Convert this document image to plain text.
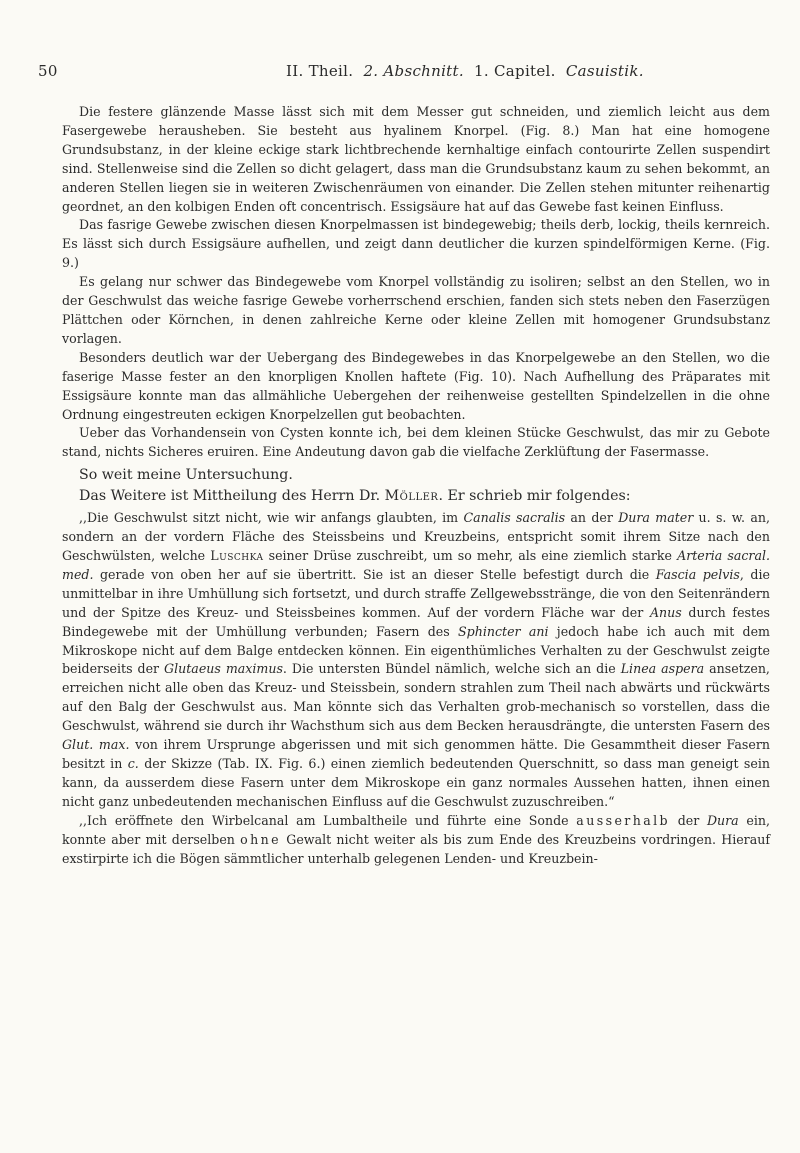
50	II. Theil. 2. Abschnitt. 1. Capitel. Casuistik.

Die festere glänzende Masse lässt sich mit dem Messer gut schneiden, und ziemlich leicht aus dem Fasergewebe herausheben. Sie besteht aus hyalinem Knorpel. (Fig. 8.) Man hat eine homogene Grundsubstanz, in der kleine eckige stark lichtbrechende kernhaltige einfach contourirte Zellen suspendirt sind. Stellenweise sind die Zellen so dicht gelagert, dass man die Grundsubstanz kaum zu sehen bekommt, an anderen Stellen liegen sie in weiteren Zwischenräumen von einander. Die Zellen stehen mitunter reihenartig geordnet, an den kolbigen Enden oft concentrisch. Essigsäure hat auf das Gewebe fast keinen Einfluss.

Das fasrige Gewebe zwischen diesen Knorpelmassen ist bindegewebig; theils derb, lockig, theils kernreich. Es lässt sich durch Essigsäure aufhellen, und zeigt dann deutlicher die kurzen spindelförmigen Kerne. (Fig. 9.)

Es gelang nur schwer das Bindegewebe vom Knorpel vollständig zu isoliren; selbst an den Stellen, wo in der Geschwulst das weiche fasrige Gewebe vorherrschend erschien, fanden sich stets neben den Faserzügen Plättchen oder Körnchen, in denen zahlreiche Kerne oder kleine Zellen mit homogener Grundsubstanz vorlagen.

Besonders deutlich war der Uebergang des Bindegewebes in das Knorpelgewebe an den Stellen, wo die faserige Masse fester an den knorpligen Knollen haftete (Fig. 10). Nach Aufhellung des Präparates mit Essigsäure konnte man das allmähliche Uebergehen der reihenweise gestellten Spindelzellen in die ohne Ordnung eingestreuten eckigen Knorpelzellen gut beobachten.

Ueber das Vorhandensein von Cysten konnte ich, bei dem kleinen Stücke Geschwulst, das mir zu Gebote stand, nichts Sicheres eruiren. Eine Andeutung davon gab die vielfache Zerklüftung der Fasermasse.

So weit meine Untersuchung.

Das Weitere ist Mittheilung des Herrn Dr. Möller. Er schrieb mir folgendes:

,,Die Geschwulst sitzt nicht, wie wir anfangs glaubten, im Canalis sacralis an der Dura mater u. s. w. an, sondern an der vordern Fläche des Steissbeins und Kreuzbeins, entspricht somit ihrem Sitze nach den Geschwülsten, welche Luschka seiner Drüse zuschreibt, um so mehr, als eine ziemlich starke Arteria sacral. med. gerade von oben her auf sie übertritt. Sie ist an dieser Stelle befestigt durch die Fascia pelvis, die unmittelbar in ihre Umhüllung sich fortsetzt, und durch straffe Zellgewebsstränge, die von den Seitenrändern und der Spitze des Kreuz- und Steissbeines kommen. Auf der vordern Fläche war der Anus durch festes Bindegewebe mit der Umhüllung verbunden; Fasern des Sphincter ani jedoch habe ich auch mit dem Mikroskope nicht auf dem Balge entdecken können. Ein eigenthümliches Verhalten zu der Geschwulst zeigte beiderseits der Glutaeus maximus. Die untersten Bündel nämlich, welche sich an die Linea aspera ansetzen, erreichen nicht alle oben das Kreuz- und Steissbein, sondern strahlen zum Theil nach abwärts und rückwärts auf den Balg der Geschwulst aus. Man könnte sich das Verhalten grob-mechanisch so vorstellen, dass die Geschwulst, während sie durch ihr Wachsthum sich aus dem Becken herausdrängte, die untersten Fasern des Glut. max. von ihrem Ursprunge abgerissen und mit sich genommen hätte. Die Gesammtheit dieser Fasern besitzt in c. der Skizze (Tab. IX. Fig. 6.) einen ziemlich bedeutenden Querschnitt, so dass man geneigt sein kann, da ausserdem diese Fasern unter dem Mikroskope ein ganz normales Aussehen hatten, ihnen einen nicht ganz unbedeutenden mechanischen Einfluss auf die Geschwulst zuzuschreiben.“

,,Ich eröffnete den Wirbelcanal am Lumbaltheile und führte eine Sonde ausserhalb der Dura ein, konnte aber mit derselben ohne Gewalt nicht weiter als bis zum Ende des Kreuzbeins vordringen. Hierauf exstirpirte ich die Bögen sämmtlicher unterhalb gelegenen Lenden- und Kreuzbein-
